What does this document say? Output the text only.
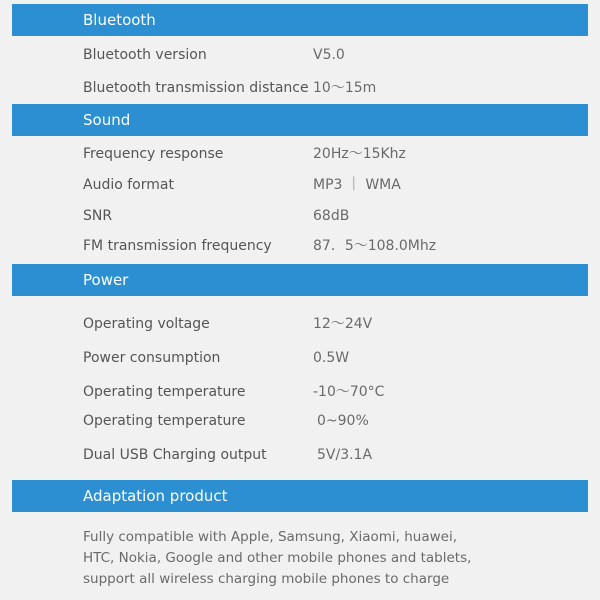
Bluetooth
Bluetooth version	V5.0
Bluetooth transmission distance 10～15m
Sound
Frequency response	20Hz～15Khz
Audio format	MP3 ｜ WMA
SNR	68dB
FM transmission frequency	87．5～108.0Mhz
Power
Operating voltage	12～24V
Power consumption	0.5W
Operating temperature	-10～70°C
Operating temperature	0~90%
Dual USB Charging output	5V/3.1A
Adaptation product
Fully compatible with Apple, Samsung, Xiaomi, huawei,
HTC, Nokia, Google and other mobile phones and tablets,
support all wireless charging mobile phones to charge
